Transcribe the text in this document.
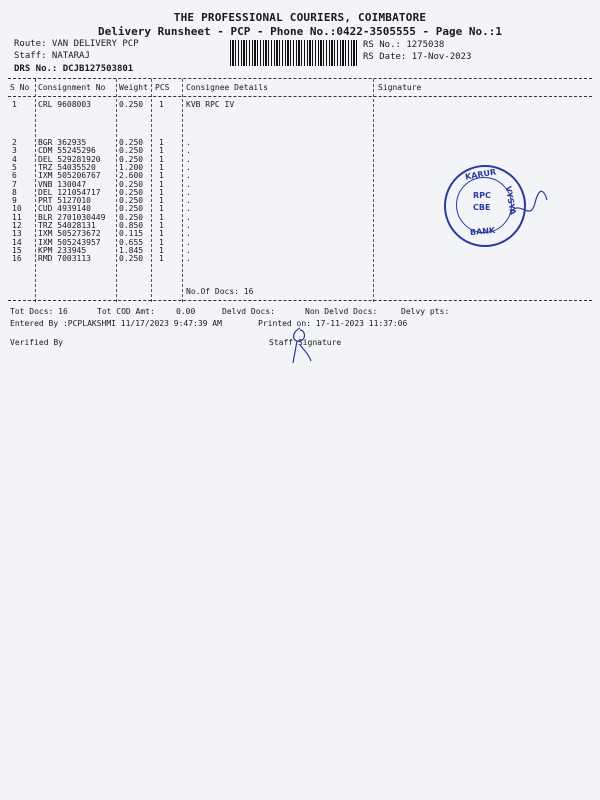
THE PROFESSIONAL COURIERS, COIMBATORE
Delivery Runsheet - PCP - Phone No.:0422-3505555 - Page No.:1
Route: VAN DELIVERY PCP
Staff: NATARAJ
DRS No.: DCJB127503801
RS No.: 1275038
RS Date: 17-Nov-2023
S No Consignment No Weight PCS Consignee Details	Signature
1	CRL 9608003	0.250 1	KVB RPC IV
2	BGR 362935	0.250 1	.
3	CDM 55245296	0.250 1	.
4	DEL 529281920 0.250 1	.
5	TRZ 54035520	1.200 1	.
6	IXM 505206767 2.600 1	.
7	VNB 130047	0.250 1	.
8	DEL 121054717 0.250 1	.
9	PRT 5127010	0.250 1	.
10 CUD 4939140	0.250 1	.
11 BLR 2701030449 0.250 1	.
12 TRZ 54028131	0.850 1	.
13 IXM 505273672 0.115 1	.
14 IXM 505243957 0.655 1	.
15 KPM 233945	1.845 1	.
16 RMD 7003113	0.250 1	.
No.Of Docs: 16
KARUR
RPC
CBE VYSYA
BANK
Tot Docs: 16	Tot COD Amt:	0.00	Delvd Docs:	Non Delvd Docs:	Delvy pts:
Entered By :PCPLAKSHMI 11/17/2023 9:47:39 AM	Printed on: 17-11-2023 11:37:06
Verified By	Staff Signature
